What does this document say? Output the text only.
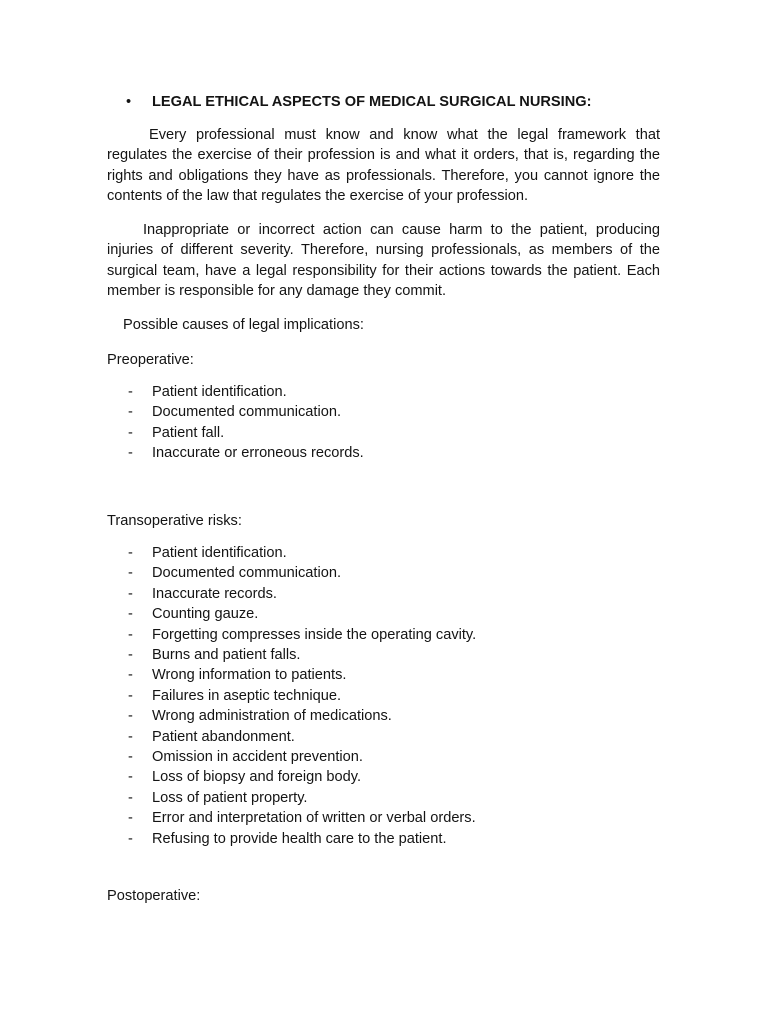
• LEGAL ETHICAL ASPECTS OF MEDICAL SURGICAL NURSING:

Every professional must know and know what the legal framework that regulates the exercise of their profession is and what it orders, that is, regarding the rights and obligations they have as professionals. Therefore, you cannot ignore the contents of the law that regulates the exercise of your profession.

Inappropriate or incorrect action can cause harm to the patient, producing injuries of different severity. Therefore, nursing professionals, as members of the surgical team, have a legal responsibility for their actions towards the patient. Each member is responsible for any damage they commit.

Possible causes of legal implications:

Preoperative:

- Patient identification.
- Documented communication.
- Patient fall.
- Inaccurate or erroneous records.

Transoperative risks:

- Patient identification.
- Documented communication.
- Inaccurate records.
- Counting gauze.
- Forgetting compresses inside the operating cavity.
- Burns and patient falls.
- Wrong information to patients.
- Failures in aseptic technique.
- Wrong administration of medications.
- Patient abandonment.
- Omission in accident prevention.
- Loss of biopsy and foreign body.
- Loss of patient property.
- Error and interpretation of written or verbal orders.
- Refusing to provide health care to the patient.

Postoperative:
